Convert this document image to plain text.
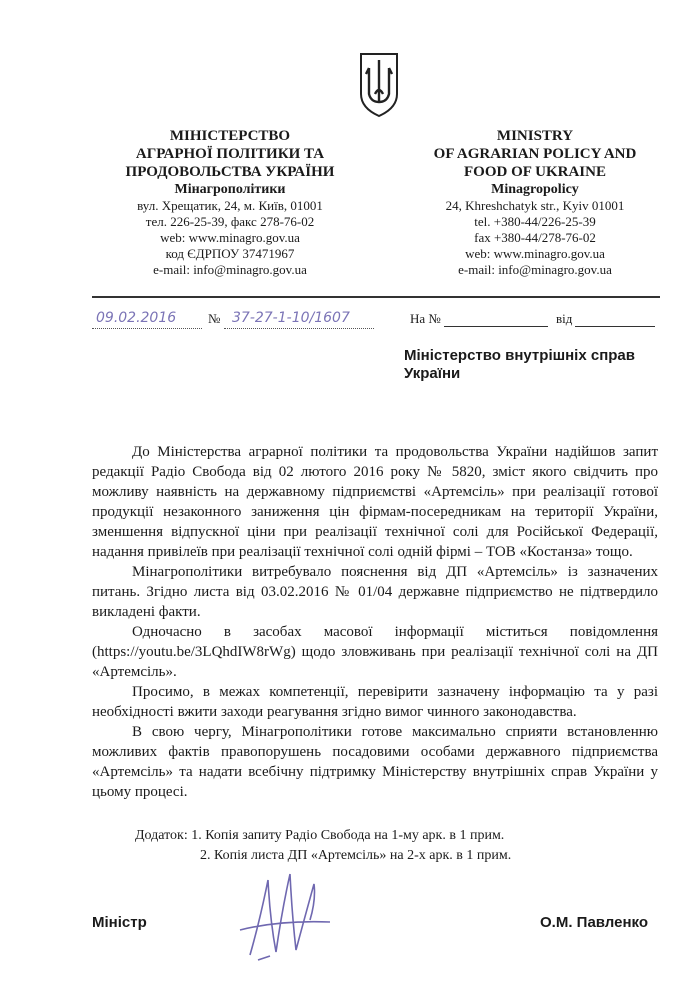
МІНІСТЕРСТВО
АГРАРНОЇ ПОЛІТИКИ ТА
ПРОДОВОЛЬСТВА УКРАЇНИ
Мінагрополітики
вул. Хрещатик, 24, м. Київ, 01001
тел. 226-25-39, факс 278-76-02
web: www.minagro.gov.ua
код ЄДРПОУ 37471967
e-mail: info@minagro.gov.ua
MINISTRY
OF AGRARIAN POLICY AND
FOOD OF UKRAINE
Minagropolicy
24, Khreshchatyk str., Kyiv 01001
tel. +380-44/226-25-39
fax +380-44/278-76-02
web: www.minagro.gov.ua
e-mail: info@minagro.gov.ua
09.02.2016 № 37-27-1-10/1607	На №	від
Міністерство внутрішніх справ
України

До Міністерства аграрної політики та продовольства України надійшов запит редакції Радіо Свобода від 02 лютого 2016 року № 5820, зміст якого свідчить про можливу наявність на державному підприємстві «Артемсіль» при реалізації готової продукції незаконного заниження цін фірмам-посередникам на території України, зменшення відпускної ціни при реалізації технічної солі для Російської Федерації, надання привілеїв при реалізації технічної солі одній фірмі – ТОВ «Костанза» тощо.

Мінагрополітики витребувало пояснення від ДП «Артемсіль» із зазначених питань. Згідно листа від 03.02.2016 № 01/04 державне підприємство не підтвердило викладені факти.

Одночасно в засобах масової інформації міститься повідомлення (https://youtu.be/3LQhdIW8rWg) щодо зловживань при реалізації технічної солі на ДП «Артемсіль».

Просимо, в межах компетенції, перевірити зазначену інформацію та у разі необхідності вжити заходи реагування згідно вимог чинного законодавства.

В свою чергу, Мінагрополітики готове максимально сприяти встановленню можливих фактів правопорушень посадовими особами державного підприємства «Артемсіль» та надати всебічну підтримку Міністерству внутрішніх справ України у цьому процесі.

Додаток: 1. Копія запиту Радіо Свобода на 1-му арк. в 1 прим.
2. Копія листа ДП «Артемсіль» на 2-х арк. в 1 прим.
Міністр	О.М. Павленко
